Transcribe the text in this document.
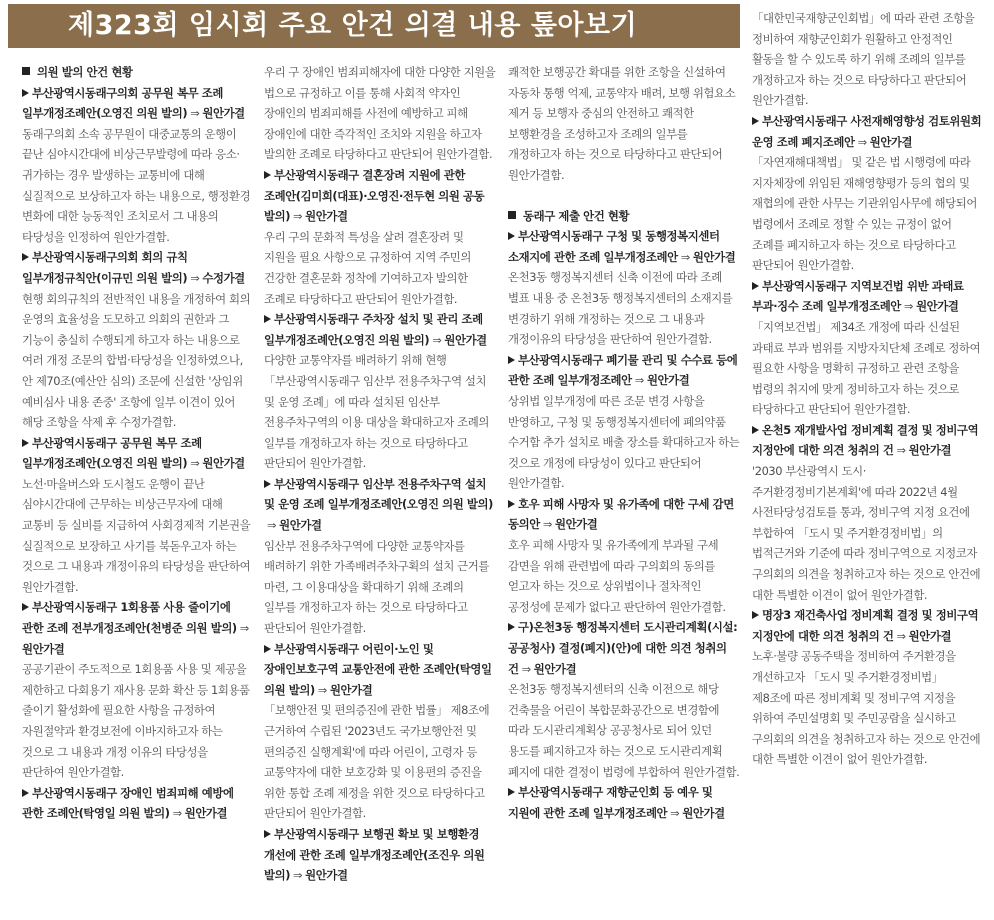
제323회 임시회 주요 안건 의결 내용 톺아보기

의원 발의 안건 현황

부산광역시동래구의회 공무원 복무 조례 일부개정조례안(오영진 의원 발의) ⇒ 원안가결

동래구의회 소속 공무원이 대중교통의 운행이 끝난 심야시간대에 비상근무발령에 따라 응소·귀가하는 경우 발생하는 교통비에 대해 실질적으로 보상하고자 하는 내용으로, 행정환경 변화에 대한 능동적인 조치로서 그 내용의 타당성을 인정하여 원안가결함.

부산광역시동래구의회 회의 규칙 일부개정규칙안(이규민 의원 발의) ⇒ 수정가결

현행 회의규칙의 전반적인 내용을 개정하여 회의 운영의 효율성을 도모하고 의회의 권한과 그 기능이 충실히 수행되게 하고자 하는 내용으로 여러 개정 조문의 합법·타당성을 인정하였으나, 안 제70조(예산안 심의) 조문에 신설한 '상임위 예비심사 내용 존중' 조항에 일부 이견이 있어 해당 조항을 삭제 후 수정가결함.

부산광역시동래구 공무원 복무 조례 일부개정조례안(오영진 의원 발의) ⇒ 원안가결

노선·마을버스와 도시철도 운행이 끝난 심야시간대에 근무하는 비상근무자에 대해 교통비 등 실비를 지급하여 사회경제적 기본권을 실질적으로 보장하고 사기를 북돋우고자 하는 것으로 그 내용과 개정이유의 타당성을 판단하여 원안가결함.

부산광역시동래구 1회용품 사용 줄이기에 관한 조례 전부개정조례안(천병준 의원 발의) ⇒원안가결

공공기관이 주도적으로 1회용품 사용 및 제공을 제한하고 다회용기 재사용 문화 확산 등 1회용품 줄이기 활성화에 필요한 사항을 규정하여 자원절약과 환경보전에 이바지하고자 하는 것으로 그 내용과 개정 이유의 타당성을 판단하여 원안가결함.

부산광역시동래구 장애인 범죄피해 예방에 관한 조례안(탁영일 의원 발의) ⇒ 원안가결

우리 구 장애인 범죄피해자에 대한 다양한 지원을 법으로 규정하고 이를 통해 사회적 약자인 장애인의 범죄피해를 사전에 예방하고 피해 장애인에 대한 즉각적인 조치와 지원을 하고자 발의한 조례로 타당하다고 판단되어 원안가결함.

부산광역시동래구 결혼장려 지원에 관한 조례안(김미희(대표)·오영진·전두현 의원 공동 발의) ⇒ 원안가결

우리 구의 문화적 특성을 살려 결혼장려 및 지원을 필요 사항으로 규정하여 지역 주민의 건강한 결혼문화 정착에 기여하고자 발의한 조례로 타당하다고 판단되어 원안가결함.

부산광역시동래구 주차장 설치 및 관리 조례 일부개정조례안(오영진 의원 발의) ⇒ 원안가결

다양한 교통약자를 배려하기 위해 현행 「부산광역시동래구 임산부 전용주차구역 설치 및 운영 조례」에 따라 설치된 임산부 전용주차구역의 이용 대상을 확대하고자 조례의 일부를 개정하고자 하는 것으로 타당하다고 판단되어 원안가결함.

부산광역시동래구 임산부 전용주차구역 설치 및 운영 조례 일부개정조례안(오영진 의원 발의)⇒ 원안가결

임산부 전용주차구역에 다양한 교통약자를 배려하기 위한 가족배려주차구획의 설치 근거를 마련, 그 이용대상을 확대하기 위해 조례의 일부를 개정하고자 하는 것으로 타당하다고 판단되어 원안가결함.

부산광역시동래구 어린이·노인 및 장애인보호구역 교통안전에 관한 조례안(탁영일 의원 발의) ⇒ 원안가결

「보행안전 및 편의증진에 관한 법률」 제8조에 근거하여 수립된 '2023년도 국가보행안전 및 편의증진 실행계획'에 따라 어린이, 고령자 등 교통약자에 대한 보호강화 및 이용편의 증진을 위한 통합 조례 제정을 위한 것으로 타당하다고 판단되어 원안가결함.

부산광역시동래구 보행권 확보 및 보행환경 개선에 관한 조례 일부개정조례안(조진우 의원 발의) ⇒ 원안가결

쾌적한 보행공간 확대를 위한 조항을 신설하여 자동차 통행 억제, 교통약자 배려, 보행 위험요소 제거 등 보행자 중심의 안전하고 쾌적한 보행환경을 조성하고자 조례의 일부를 개정하고자 하는 것으로 타당하다고 판단되어 원안가결함.

동래구 제출 안건 현황

부산광역시동래구 구청 및 동행정복지센터 소재지에 관한 조례 일부개정조례안 ⇒ 원안가결

온천3동 행정복지센터 신축 이전에 따라 조례 별표 내용 중 온천3동 행정복지센터의 소재지를 변경하기 위해 개정하는 것으로 그 내용과 개정이유의 타당성을 판단하여 원안가결함.

부산광역시동래구 폐기물 관리 및 수수료 등에 관한 조례 일부개정조례안 ⇒ 원안가결

상위법 일부개정에 따른 조문 변경 사항을 반영하고, 구청 및 동행정복지센터에 폐의약품 수거함 추가 설치로 배출 장소를 확대하고자 하는 것으로 개정에 타당성이 있다고 판단되어 원안가결함.

호우 피해 사망자 및 유가족에 대한 구세 감면 동의안 ⇒ 원안가결

호우 피해 사망자 및 유가족에게 부과될 구세 감면을 위해 관련법에 따라 구의회의 동의를 얻고자 하는 것으로 상위법이나 절차적인 공정성에 문제가 없다고 판단하여 원안가결함.

구)온천3동 행정복지센터 도시관리계획(시설:공공청사) 결정(폐지)(안)에 대한 의견 청취의 건 ⇒ 원안가결

온천3동 행정복지센터의 신축 이전으로 해당 건축물을 어린이 복합문화공간으로 변경함에 따라 도시관리계획상 공공청사로 되어 있던 용도를 폐지하고자 하는 것으로 도시관리계획 폐지에 대한 결정이 법령에 부합하여 원안가결함.

부산광역시동래구 재향군인회 등 예우 및 지원에 관한 조례 일부개정조례안 ⇒ 원안가결

「대한민국재향군인회법」에 따라 관련 조항을 정비하여 재향군인회가 원활하고 안정적인 활동을 할 수 있도록 하기 위해 조례의 일부를 개정하고자 하는 것으로 타당하다고 판단되어 원안가결함.

부산광역시동래구 사전재해영향성 검토위원회 운영 조례 폐지조례안 ⇒ 원안가결

「자연재해대책법」 및 같은 법 시행령에 따라 지자체장에 위임된 재해영향평가 등의 협의 및 재협의에 관한 사무는 기관위임사무에 해당되어 법령에서 조례로 정할 수 있는 규정이 없어 조례를 폐지하고자 하는 것으로 타당하다고 판단되어 원안가결함.

부산광역시동래구 지역보건법 위반 과태료 부과·징수 조례 일부개정조례안 ⇒ 원안가결

「지역보건법」 제34조 개정에 따라 신설된 과태료 부과 범위를 지방자치단체 조례로 정하여 필요한 사항을 명확히 규정하고 관련 조항을 법령의 취지에 맞게 정비하고자 하는 것으로 타당하다고 판단되어 원안가결함.

온천5 재개발사업 정비계획 결정 및 정비구역 지정안에 대한 의견 청취의 건 ⇒ 원안가결

'2030 부산광역시 도시·주거환경정비기본계획'에 따라 2022년 4월 사전타당성검토를 통과, 정비구역 지정 요건에 부합하여 「도시 및 주거환경정비법」의 법적근거와 기준에 따라 정비구역으로 지정코자 구의회의 의견을 청취하고자 하는 것으로 안건에 대한 특별한 이견이 없어 원안가결함.

명장3 재건축사업 정비계획 결정 및 정비구역 지정안에 대한 의견 청취의 건 ⇒ 원안가결

노후·불량 공동주택을 정비하여 주거환경을 개선하고자 「도시 및 주거환경정비법」 제8조에 따른 정비계획 및 정비구역 지정을 위하여 주민설명회 및 주민공람을 실시하고 구의회의 의견을 청취하고자 하는 것으로 안건에 대한 특별한 이견이 없어 원안가결함.
